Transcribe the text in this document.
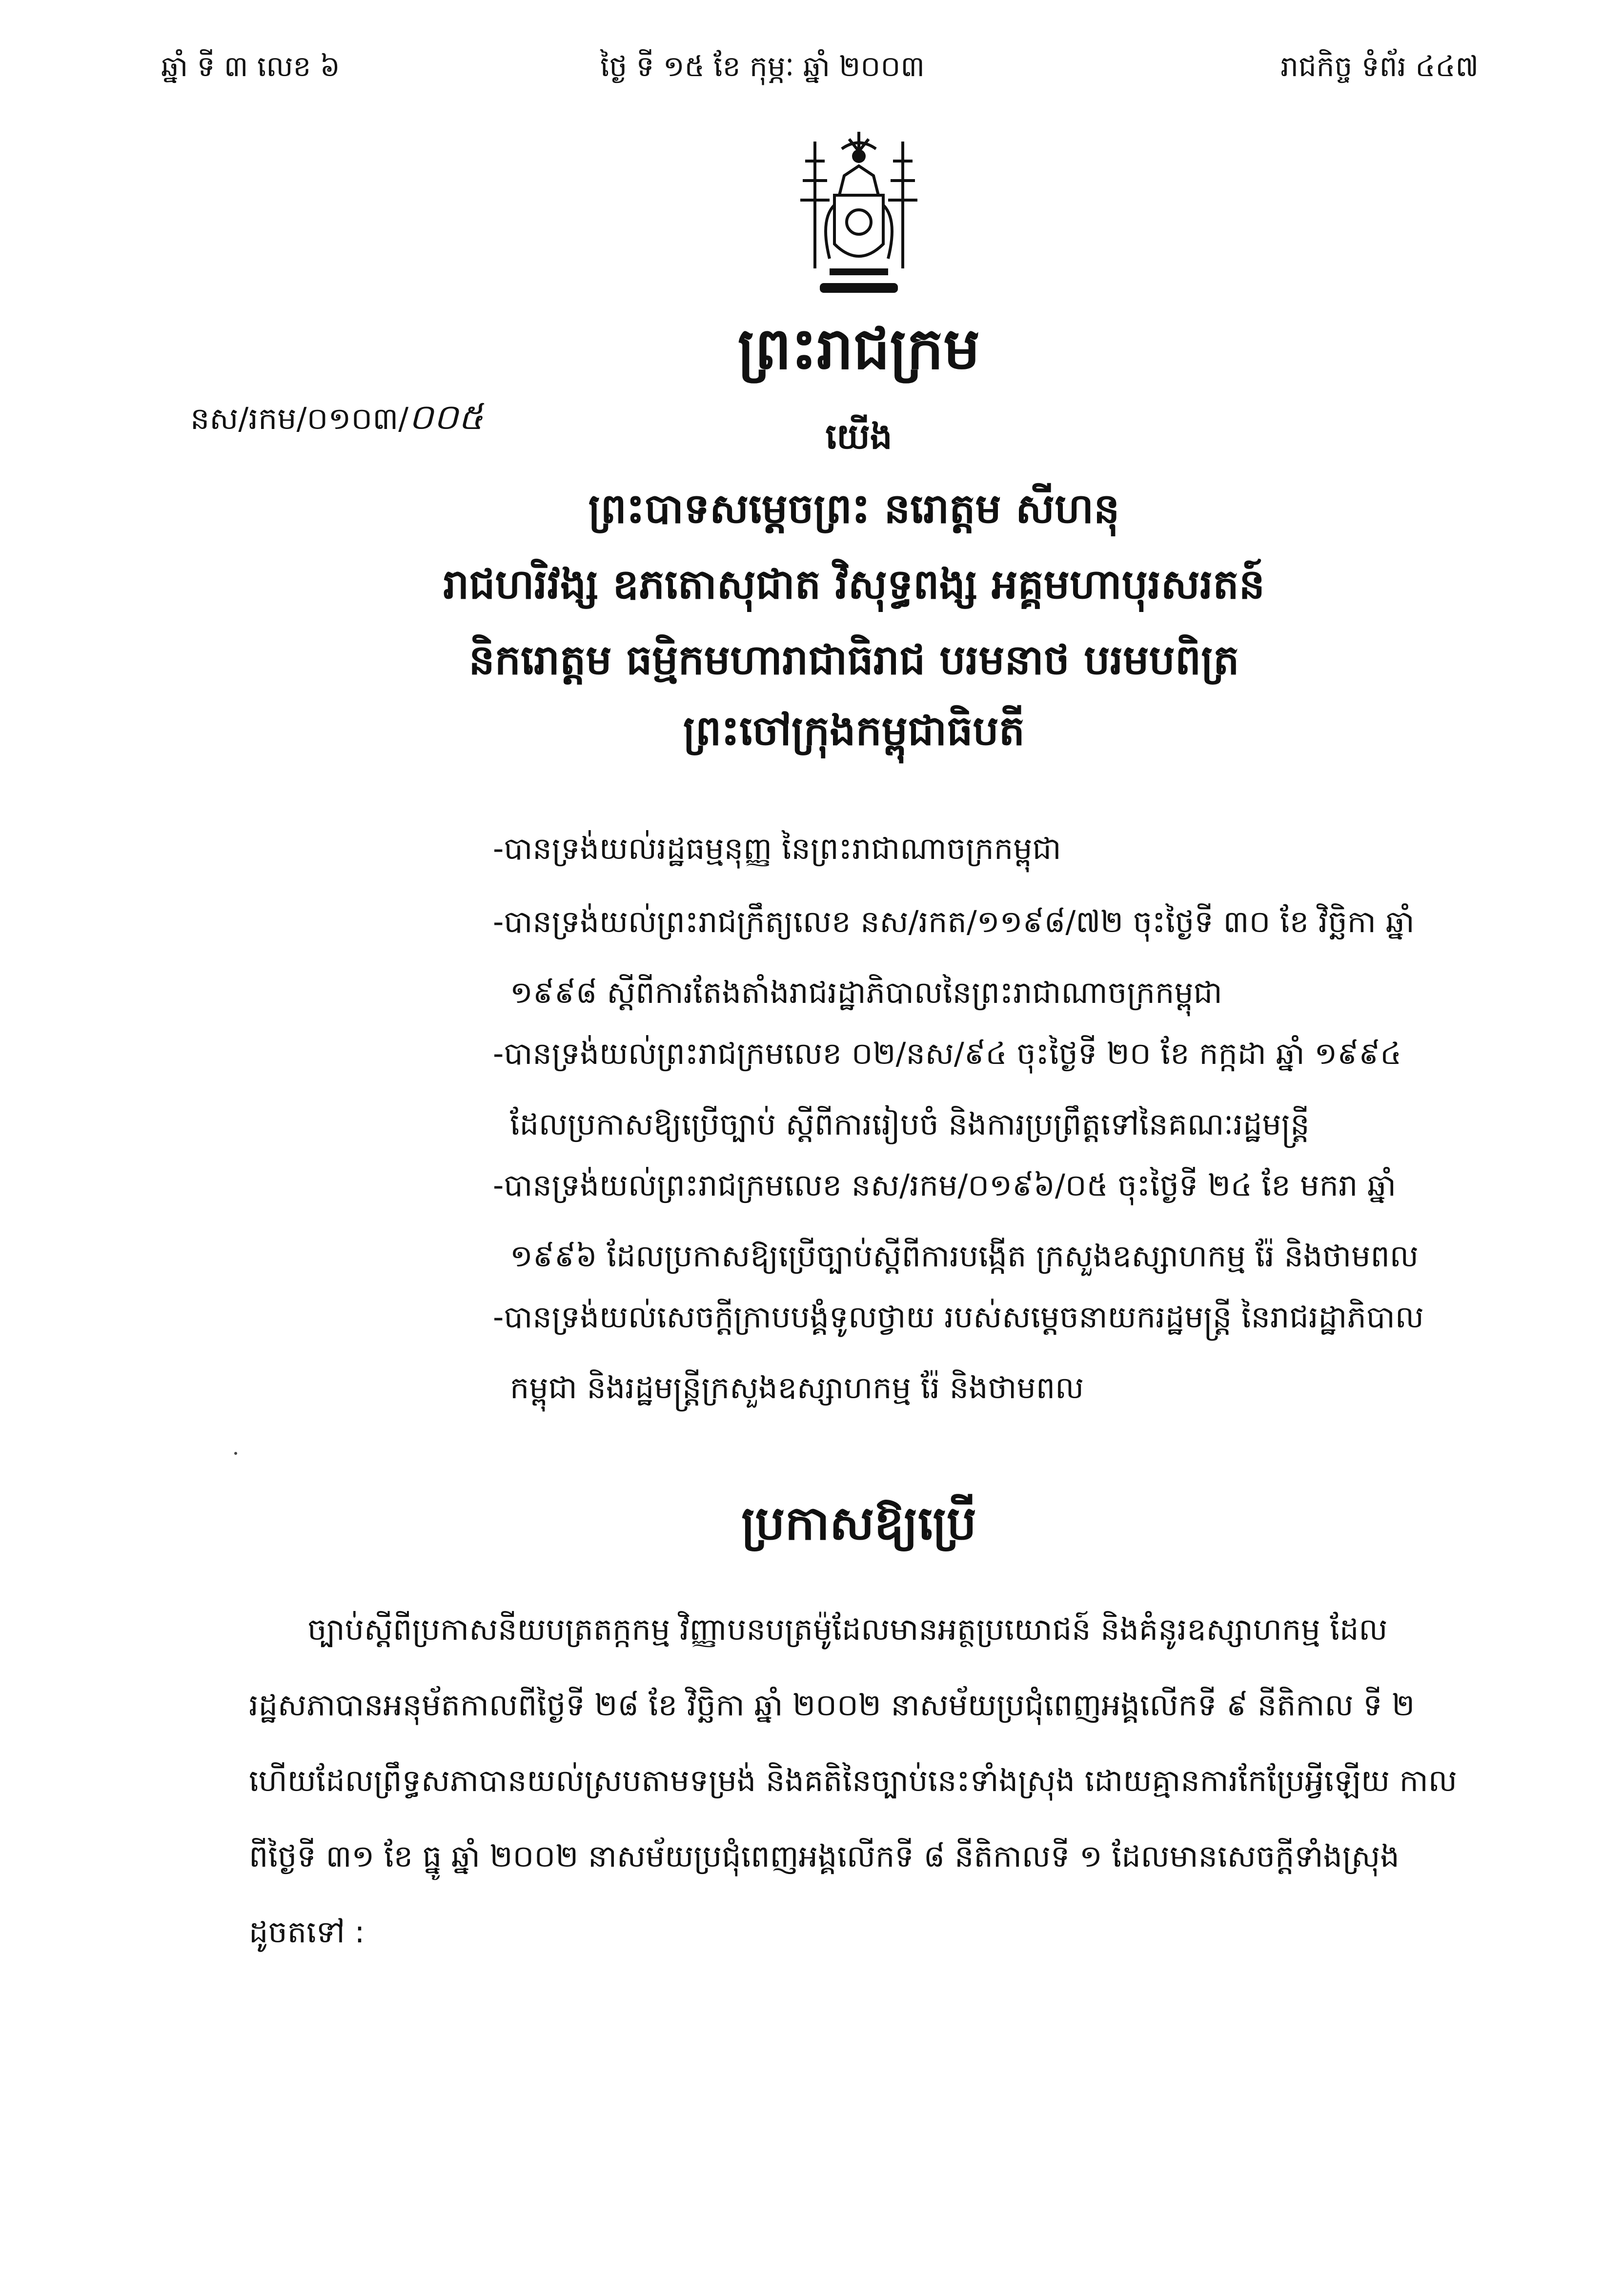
ឆ្នាំ ទី ៣ លេខ ៦	ថ្ងៃ ទី ១៥ ខែ កុម្ភៈ ឆ្នាំ ២០០៣	រាជកិច្ច ទំព័រ ៤៤៧
ព្រះរាជក្រម
នស/រកម/០១០៣/០០៥	យើង
ព្រះបាទសម្ដេចព្រះ នរោត្ដម សីហនុ
រាជហរិវង្ស ឧភតោសុជាត វិសុទ្ធពង្ស អគ្គមហាបុរសរតន៍
និករោត្ដម ធម្មិកមហារាជាធិរាជ បរមនាថ បរមបពិត្រ
ព្រះចៅក្រុងកម្ពុជាធិបតី
-បានទ្រង់យល់រដ្ឋធម្មនុញ្ញ នៃព្រះរាជាណាចក្រកម្ពុជា
-បានទ្រង់យល់ព្រះរាជក្រឹត្យលេខ នស/រកត/១១៩៨/៧២ ចុះថ្ងៃទី ៣០ ខែ វិច្ឆិកា ឆ្នាំ
១៩៩៨ ស្ដីពីការតែងតាំងរាជរដ្ឋាភិបាលនៃព្រះរាជាណាចក្រកម្ពុជា
-បានទ្រង់យល់ព្រះរាជក្រមលេខ ០២/នស/៩៤ ចុះថ្ងៃទី ២០ ខែ កក្កដា ឆ្នាំ ១៩៩៤
ដែលប្រកាសឱ្យប្រើច្បាប់ ស្ដីពីការរៀបចំ និងការប្រព្រឹត្តទៅនៃគណៈរដ្ឋមន្ត្រី
-បានទ្រង់យល់ព្រះរាជក្រមលេខ នស/រកម/០១៩៦/០៥ ចុះថ្ងៃទី ២៤ ខែ មករា ឆ្នាំ
១៩៩៦ ដែលប្រកាសឱ្យប្រើច្បាប់ស្ដីពីការបង្កើត ក្រសួងឧស្សាហកម្ម រ៉ែ និងថាមពល
-បានទ្រង់យល់សេចក្ដីក្រាបបង្គំទូលថ្វាយ របស់សម្ដេចនាយករដ្ឋមន្ត្រី នៃរាជរដ្ឋាភិបាល
កម្ពុជា និងរដ្ឋមន្ត្រីក្រសួងឧស្សាហកម្ម រ៉ែ និងថាមពល
ប្រកាសឱ្យប្រើ
ច្បាប់ស្ដីពីប្រកាសនីយបត្រតក្កកម្ម វិញ្ញាបនបត្រម៉ូដែលមានអត្ថប្រយោជន៍ និងគំនូរឧស្សាហកម្ម ដែល
រដ្ឋសភាបានអនុម័តកាលពីថ្ងៃទី ២៨ ខែ វិច្ឆិកា ឆ្នាំ ២០០២ នាសម័យប្រជុំពេញអង្គលើកទី ៩ នីតិកាល ទី ២
ហើយដែលព្រឹទ្ធសភាបានយល់ស្របតាមទម្រង់ និងគតិនៃច្បាប់នេះទាំងស្រុង ដោយគ្មានការកែប្រែអ្វីឡើយ កាល
ពីថ្ងៃទី ៣១ ខែ ធ្នូ ឆ្នាំ ២០០២ នាសម័យប្រជុំពេញអង្គលើកទី ៨ នីតិកាលទី ១ ដែលមានសេចក្ដីទាំងស្រុង
ដូចតទៅ :
